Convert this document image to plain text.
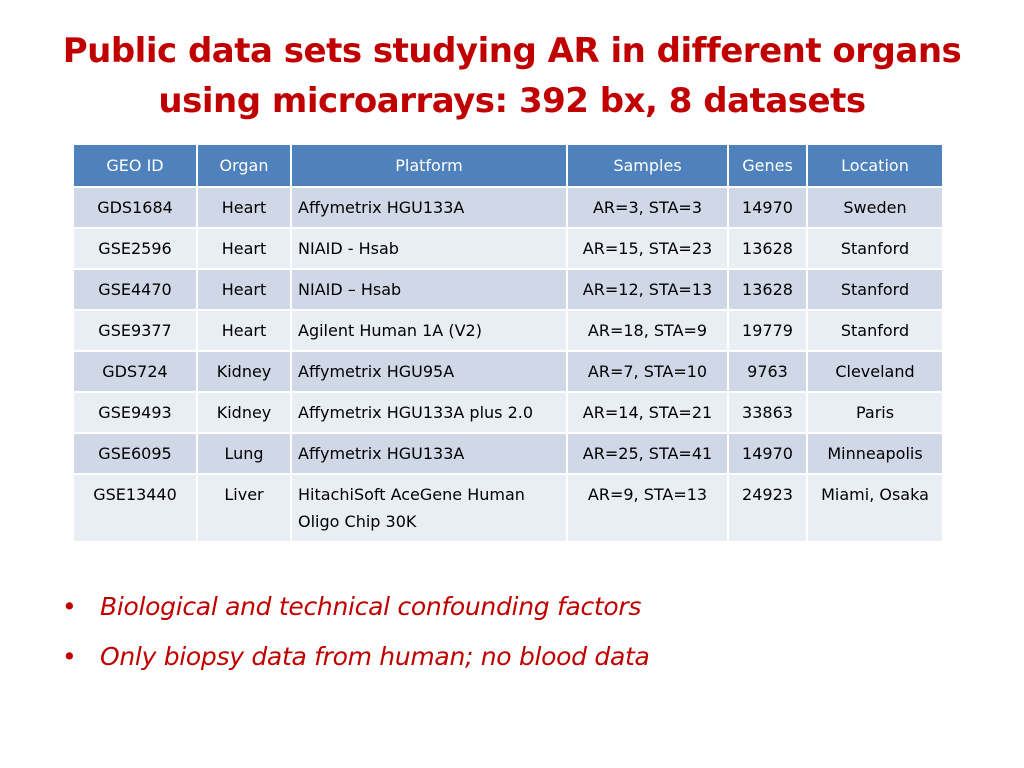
Public data sets studying AR in different organs
using microarrays: 392 bx, 8 datasets
GEO ID	Organ	Platform	Samples	Genes	Location
GDS1684	Heart	Affymetrix HGU133A	AR=3, STA=3	14970	Sweden
GSE2596	Heart	NIAID - Hsab	AR=15, STA=23	13628	Stanford
GSE4470	Heart	NIAID – Hsab	AR=12, STA=13	13628	Stanford
GSE9377	Heart	Agilent Human 1A (V2)	AR=18, STA=9	19779	Stanford
GDS724	Kidney	Affymetrix HGU95A	AR=7, STA=10	9763	Cleveland
GSE9493	Kidney	Affymetrix HGU133A plus 2.0	AR=14, STA=21	33863	Paris
GSE6095	Lung	Affymetrix HGU133A	AR=25, STA=41	14970	Minneapolis
GSE13440	Liver	HitachiSoft AceGene Human Oligo Chip 30K	AR=9, STA=13	24923	Miami, Osaka
• Biological and technical confounding factors
• Only biopsy data from human; no blood data
